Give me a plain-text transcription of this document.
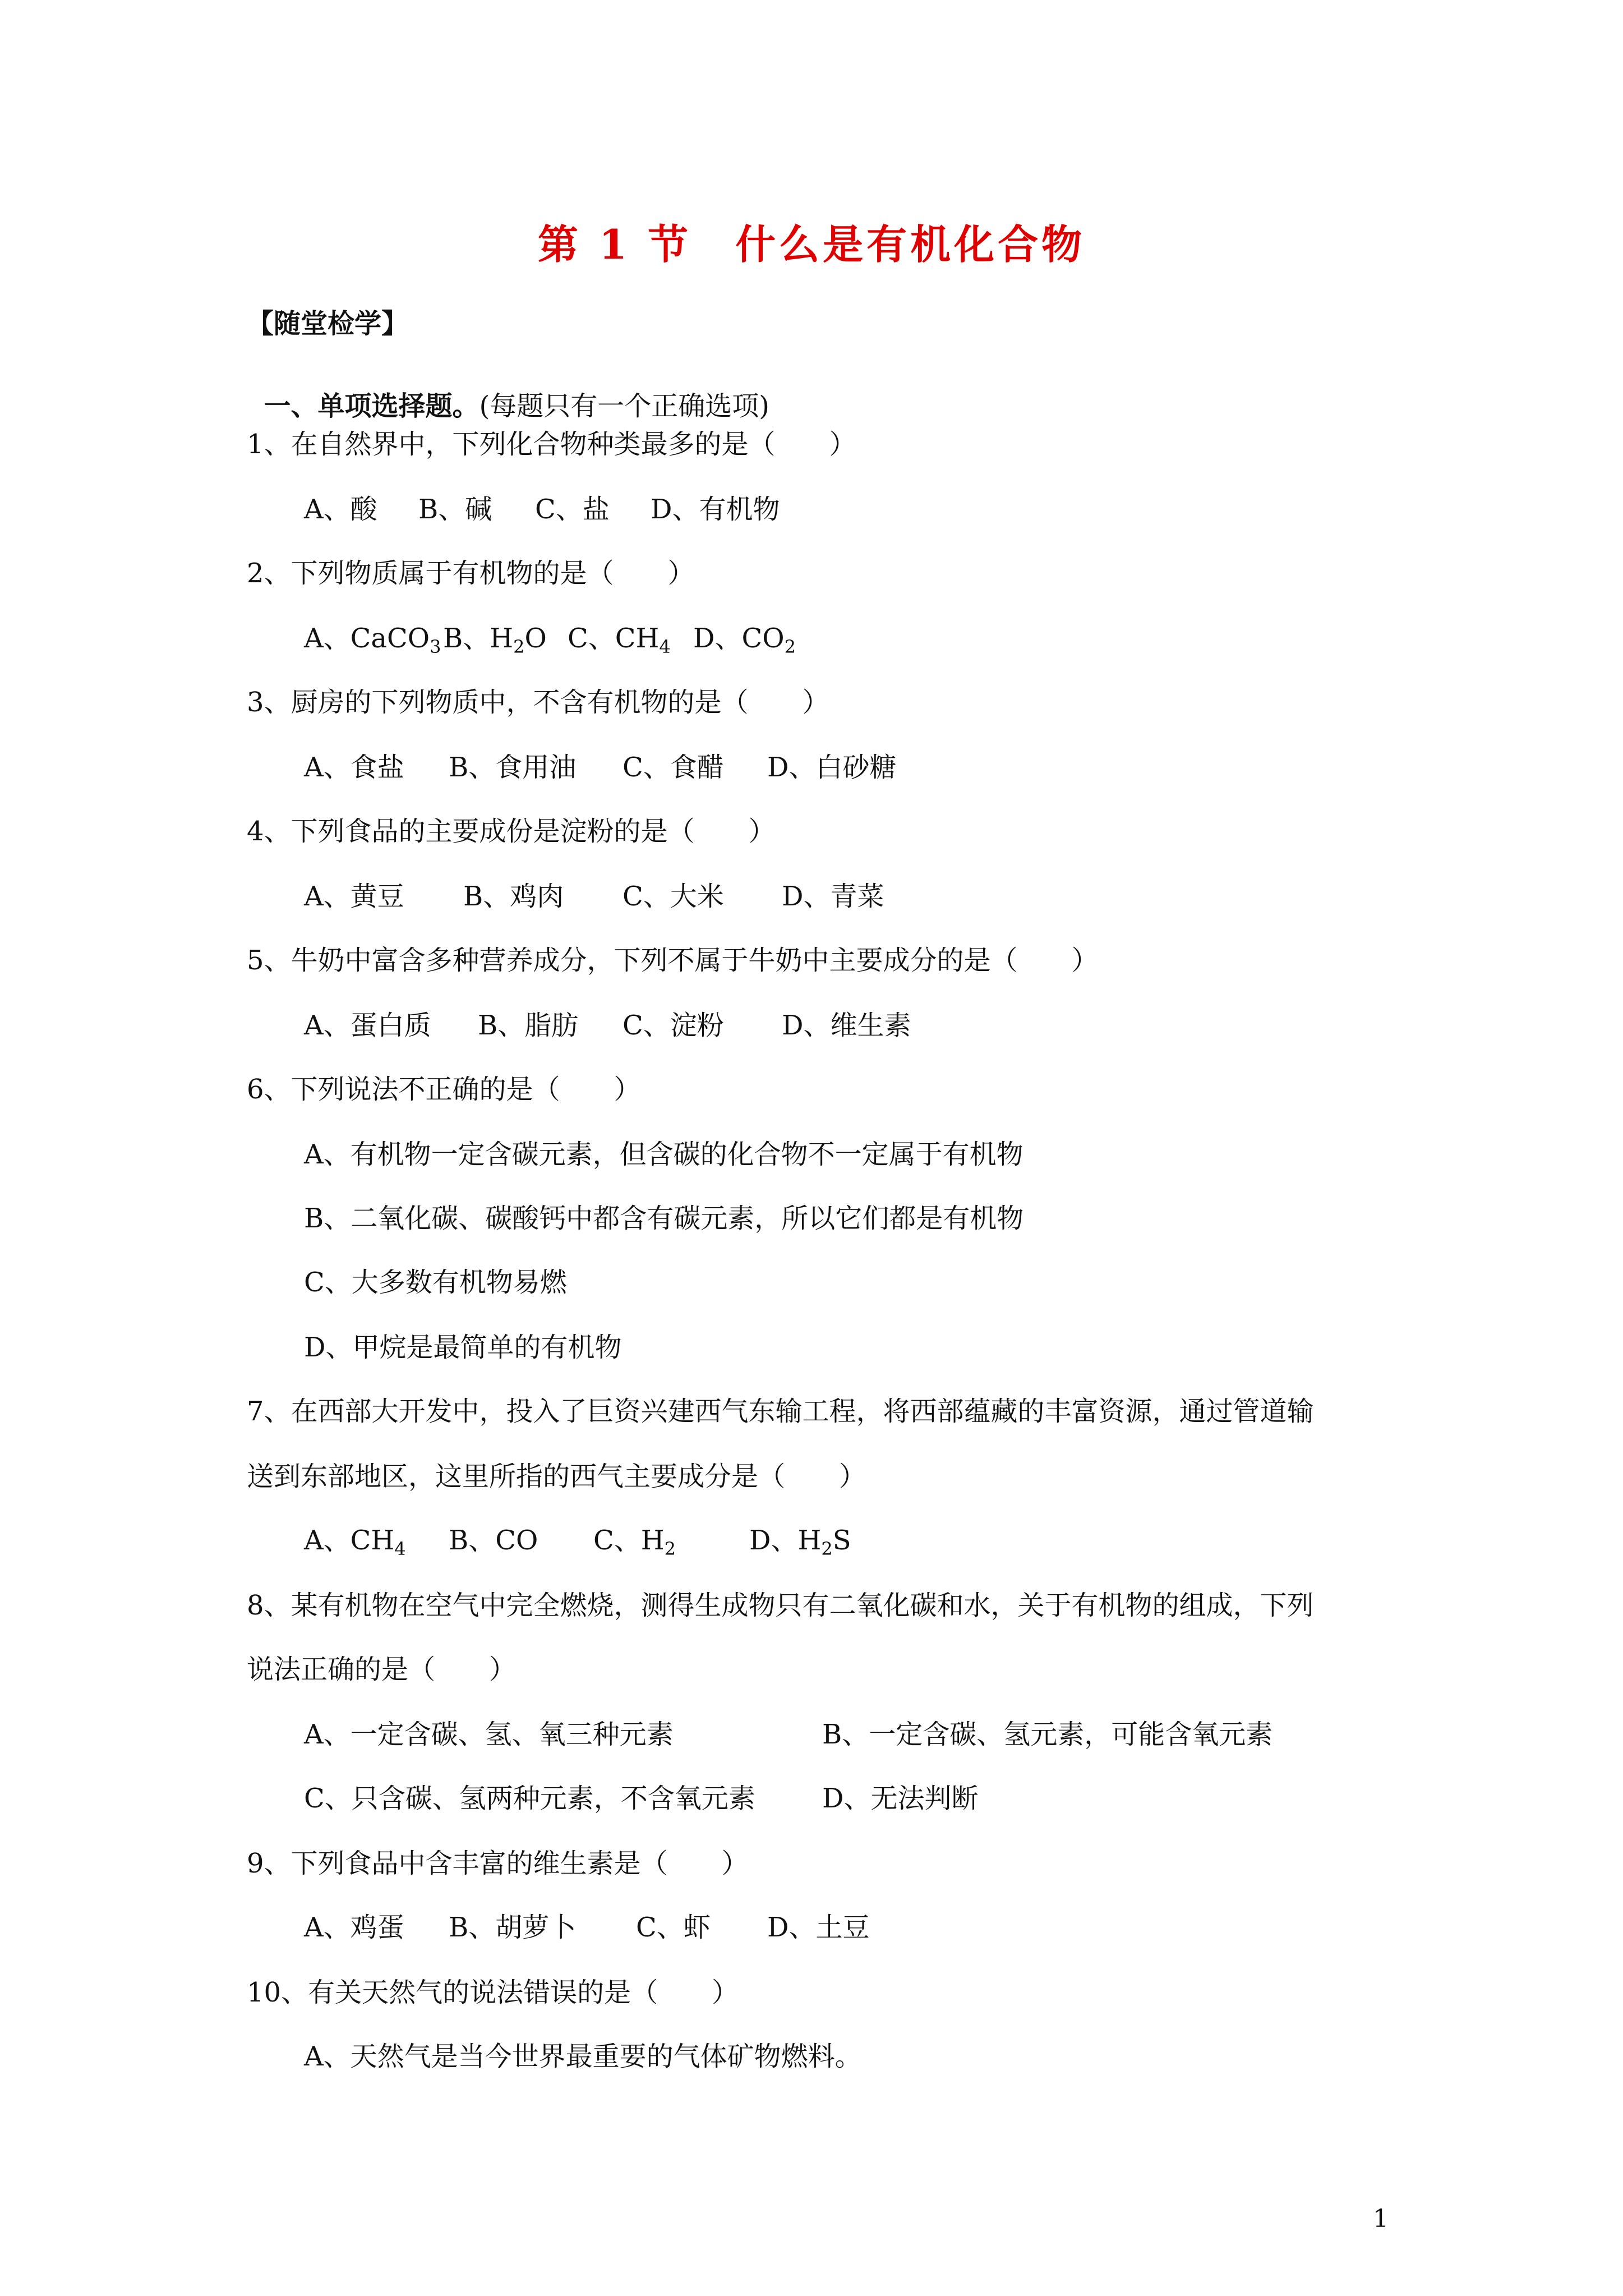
第 1 节　什么是有机化合物
【随堂检学】

一、单项选择题。(每题只有一个正确选项)

1、在自然界中，下列化合物种类最多的是（　　）
A、酸 B、碱 C、盐 D、有机物
2、下列物质属于有机物的是（　　）
A、CaCO$_3$ B、$H_2O$ C、$CH_4$ D、$CO_2$
3、厨房的下列物质中，不含有机物的是（　　）
A、食盐 B、食用油 C、食醋 D、白砂糖
4、下列食品的主要成份是淀粉的是（　　）
A、黄豆 B、鸡肉 C、大米 D、青菜
5、牛奶中富含多种营养成分，下列不属于牛奶中主要成分的是（　　）
A、蛋白质 B、脂肪 C、淀粉 D、维生素
6、下列说法不正确的是（　　）
A、有机物一定含碳元素，但含碳的化合物不一定属于有机物
B、二氧化碳、碳酸钙中都含有碳元素，所以它们都是有机物
C、大多数有机物易燃
D、甲烷是最简单的有机物
7、在西部大开发中，投入了巨资兴建西气东输工程，将西部蕴藏的丰富资源，通过管道输
送到东部地区，这里所指的西气主要成分是（　　）
A、$CH_4$ B、CO C、$H_2$	D、$H_2S$
8、某有机物在空气中完全燃烧，测得生成物只有二氧化碳和水，关于有机物的组成，下列
说法正确的是（　　）
A、一定含碳、氢、氧三种元素	B、一定含碳、氢元素，可能含氧元素
C、只含碳、氢两种元素，不含氧元素 D、无法判断
9、下列食品中含丰富的维生素是（　　）
A、鸡蛋 B、胡萝卜 C、虾 D、土豆
10、有关天然气的说法错误的是（　　）
A、天然气是当今世界最重要的气体矿物燃料。
1
